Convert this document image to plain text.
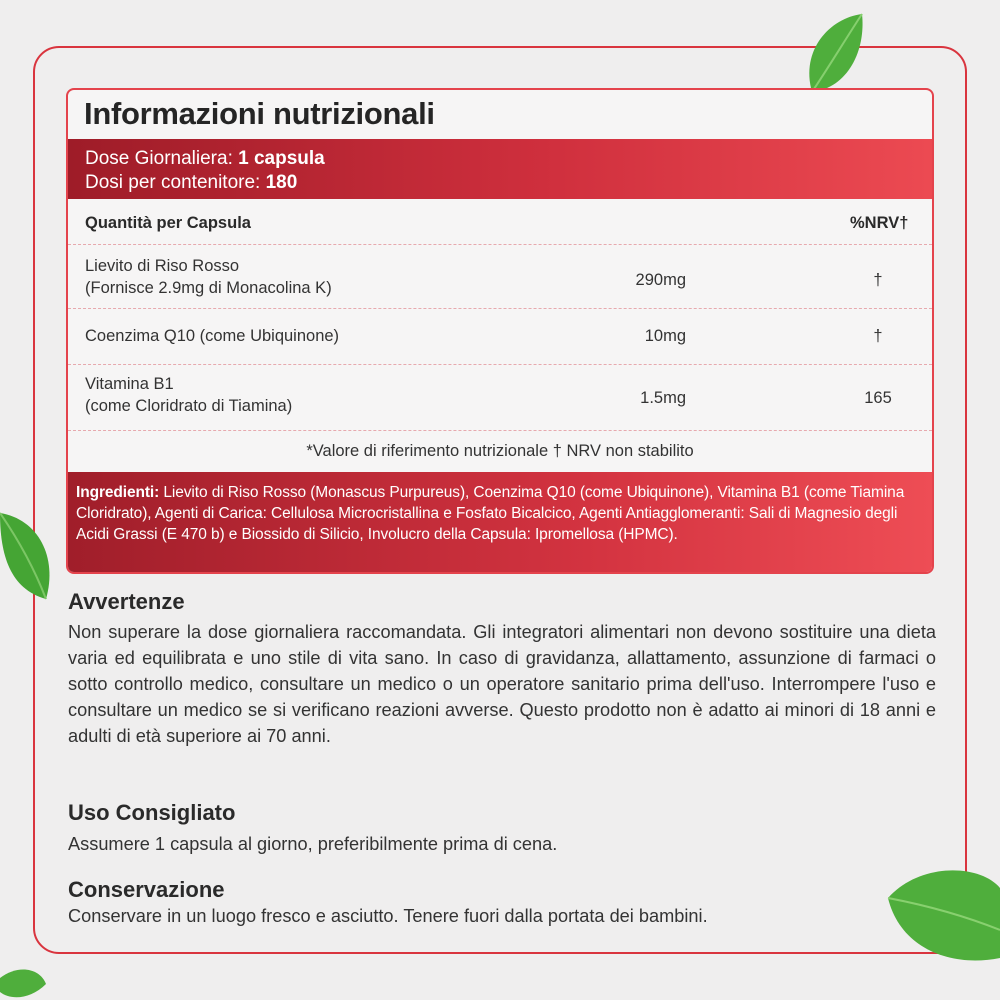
Informazioni nutrizionali
Dose Giornaliera: 1 capsula
Dosi per contenitore: 180
Quantità per Capsula	%NRV†
Lievito di Riso Rosso
(Fornisce 2.9mg di Monacolina K)	290mg	†
Coenzima Q10 (come Ubiquinone)	10mg	†
Vitamina B1
(come Cloridrato di Tiamina)	1.5mg	165
*Valore di riferimento nutrizionale † NRV non stabilito

Ingredienti: Lievito di Riso Rosso (Monascus Purpureus), Coenzima Q10 (come Ubiquinone), Vitamina B1 (come Tiamina Cloridrato), Agenti di Carica: Cellulosa Microcristallina e Fosfato Bicalcico, Agenti Antiagglomeranti: Sali di Magnesio degli Acidi Grassi (E 470 b) e Biossido di Silicio, Involucro della Capsula: Ipromellosa (HPMC).

Avvertenze

Non superare la dose giornaliera raccomandata. Gli integratori alimentari non devono sostituire una dieta varia ed equilibrata e uno stile di vita sano. In caso di gravidanza, allattamento, assunzione di farmaci o sotto controllo medico, consultare un medico o un operatore sanitario prima dell'uso. Interrompere l'uso e consultare un medico se si verificano reazioni avverse. Questo prodotto non è adatto ai minori di 18 anni e adulti di età superiore ai 70 anni.

Uso Consigliato

Assumere 1 capsula al giorno, preferibilmente prima di cena.

Conservazione

Conservare in un luogo fresco e asciutto. Tenere fuori dalla portata dei bambini.
